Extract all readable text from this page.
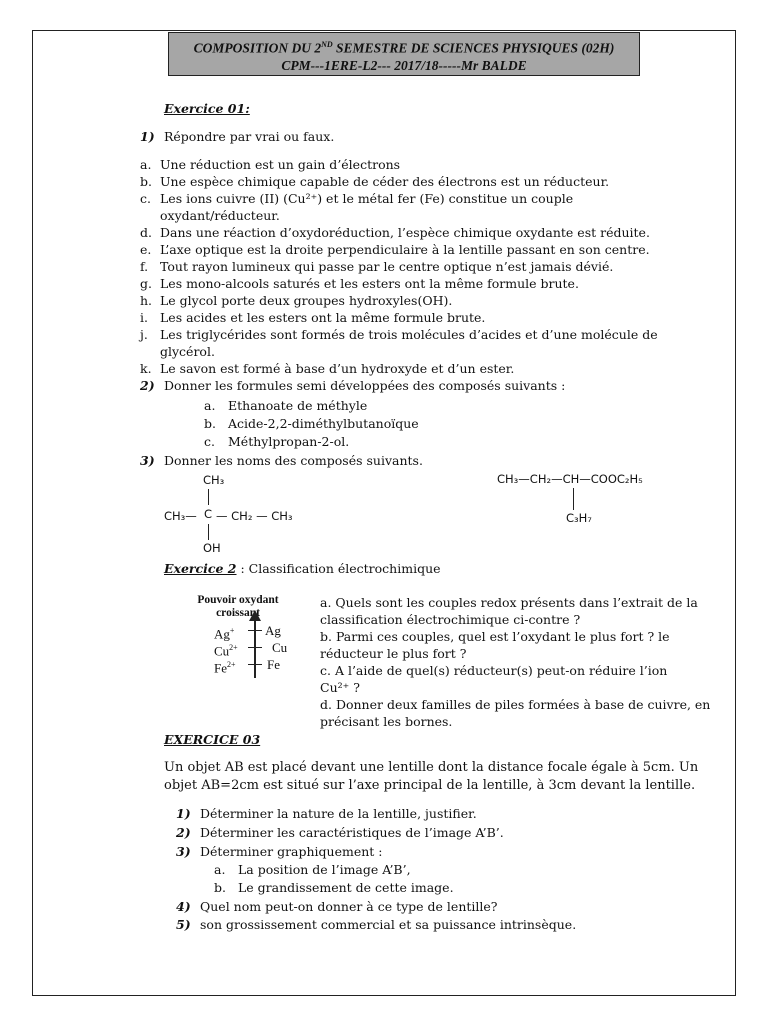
COMPOSITION DU 2ND SEMESTRE DE SCIENCES PHYSIQUES (02H)
CPM---1ERE-L2--- 2017/18-----Mr BALDE
Exercice 01:
1) Répondre par vrai ou faux.
a. Une réduction est un gain d’électrons
b. Une espèce chimique capable de céder des électrons est un réducteur.
c. Les ions cuivre (II) (Cu²⁺) et le métal fer (Fe) constitue un couple
oxydant/réducteur.
d. Dans une réaction d’oxydoréduction, l’espèce chimique oxydante est réduite.
e. L’axe optique est la droite perpendiculaire à la lentille passant en son centre.
f. Tout rayon lumineux qui passe par le centre optique n’est jamais dévié.
g. Les mono-alcools saturés et les esters ont la même formule brute.
h. Le glycol porte deux groupes hydroxyles(OH).
i. Les acides et les esters ont la même formule brute.
j. Les triglycérides sont formés de trois molécules d’acides et d’une molécule de
glycérol.
k. Le savon est formé à base d’un hydroxyde et d’un ester.
2) Donner les formules semi développées des composés suivants :
a. Ethanoate de méthyle
b. Acide-2,2-diméthylbutanoïque
c. Méthylpropan-2-ol.
3) Donner les noms des composés suivants.
CH₃
CH₃— C — CH₂ — CH₃
OH
CH₃—CH₂—CH—COOC₂H₅
C₃H₇
Exercice 2 : Classification électrochimique
Pouvoir oxydant
croissant
Ag+ Ag
$Cu^{2+}$	Cu
$Fe^{2+}$ Fe
a. Quels sont les couples redox présents dans l’extrait de la
classification électrochimique ci-contre ?
b. Parmi ces couples, quel est l’oxydant le plus fort ? le
réducteur le plus fort ?
c. A l’aide de quel(s) réducteur(s) peut-on réduire l’ion
Cu²⁺ ?
d. Donner deux familles de piles formées à base de cuivre, en
précisant les bornes.
EXERCICE 03
Un objet AB est placé devant une lentille dont la distance focale égale à 5cm. Un
objet AB=2cm est situé sur l’axe principal de la lentille, à 3cm devant la lentille.
1) Déterminer la nature de la lentille, justifier.
2) Déterminer les caractéristiques de l’image A’B’.
3) Déterminer graphiquement :
a. La position de l’image A’B’,
b. Le grandissement de cette image.
4) Quel nom peut-on donner à ce type de lentille?
5) son grossissement commercial et sa puissance intrinsèque.
